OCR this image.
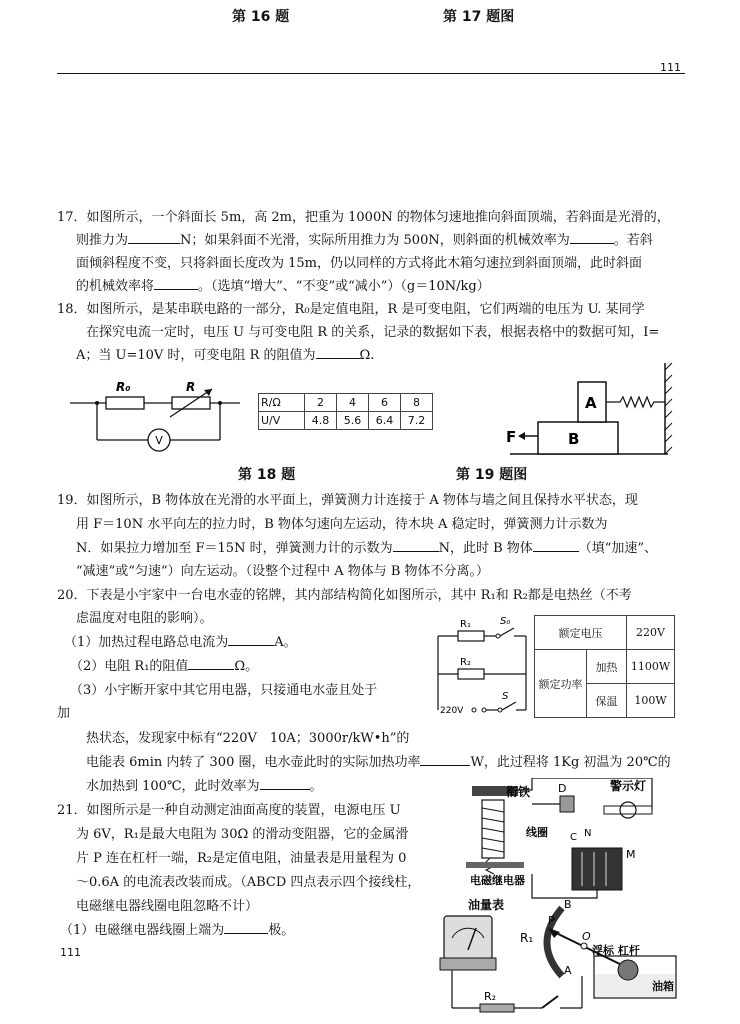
第 16 题	第 17 题图
111
17．如图所示，一个斜面长 5m，高 2m，把重为 1000N 的物体匀速地推向斜面顶端，若斜面是光滑的，
则推力为	N；如果斜面不光滑，实际所用推力为 500N，则斜面的机械效率为	。若斜
面倾斜程度不变，只将斜面长度改为 15m，仍以同样的方式将此木箱匀速拉到斜面顶端，此时斜面
的机械效率将	。（选填“增大”、“不变”或“减小”）（g＝10N/kg）
18．如图所示，是某串联电路的一部分，R₀是定值电阻，R 是可变电阻，它们两端的电压为 U. 某同学
在探究电流一定时，电压 U 与可变电阻 R 的关系，记录的数据如下表，根据表格中的数据可知，I=
A；当 U=10V 时，可变电阻 R 的阻值为	Ω.
V
R₀	R
R/Ω	2	4	6	8
U/V	4.8	5.6	6.4	7.2
B
A
F
第 18 题	第 19 题图
19．如图所示，B 物体放在光滑的水平面上，弹簧测力计连接于 A 物体与墙之间且保持水平状态，现
用 F＝10N 水平向左的拉力时，B 物体匀速向左运动，待木块 A 稳定时，弹簧测力计示数为
N．如果拉力增加至 F＝15N 时，弹簧测力计的示数为	N，此时 B 物体	（填“加速”、
“减速”或“匀速”）向左运动。（设整个过程中 A 物体与 B 物体不分离。）
20．下表是小宇家中一台电水壶的铭牌，其内部结构简化如图所示，其中 R₁和 R₂都是电热丝（不考
虑温度对电阻的影响）。
（1）加热过程电路总电流为	A。
（2）电阻 R₁的阻值	Ω。
（3）小宇断开家中其它用电器，只接通电水壶且处于
加
热状态，发现家中标有“220V　10A；3000r/kW•h”的
电能表 6min 内转了 300 圈，电水壶此时的实际加热功率	W，此过程将 1Kg 初温为 20℃的
水加热到 100℃，此时效率为	。
R₁	S₀
R₂
220V
S
额定电压		220V
额定功率	加热	1100W
	保温	100W
21．如图所示是一种自动测定油面高度的装置，电源电压 U
为 6V，R₁是最大电阻为 30Ω 的滑动变阻器，它的金属滑
片 P 连在杠杆一端，R₂是定值电阻，油量表是用量程为 0
～0.6A 的电流表改装而成。（ABCD 四点表示四个接线柱，
电磁继电器线圈电阻忽略不计）
（1）电磁继电器线圈上端为	极。
111
衔铁
线圈
电磁继电器
D
C N
警示灯
M
油量表	B
P
R₁	O
A
浮标 杠杆
油箱
R₂
